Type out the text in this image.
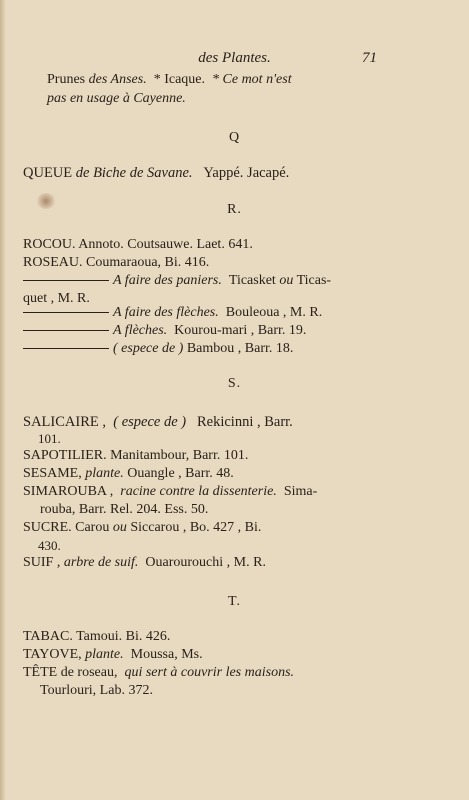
des Plantes.	71
Prunes des Anses. * Icaque. * Ce mot n'est
pas en usage à Cayenne.
Q
QUEUE de Biche de Savane. Yappé. Jacapé.
R.
ROCOU. Annoto. Coutsauwe. Laet. 641.
ROSEAU. Coumaraoua, Bi. 416.
A faire des paniers. Ticasket ou Ticas-
quet , M. R.
A faire des flèches. Bouleoua , M. R.
A flèches. Kourou-mari , Barr. 19.
( espece de ) Bambou , Barr. 18.
S.
SALICAIRE , ( espece de ) Rekicinni , Barr.
101.
SAPOTILIER. Manitambour, Barr. 101.
SESAME, plante. Ouangle , Barr. 48.
SIMAROUBA , racine contre la dissenterie. Sima-
rouba, Barr. Rel. 204. Ess. 50.
SUCRE. Carou ou Siccarou , Bo. 427 , Bi.
430.
SUIF , arbre de suif. Ouarourouchi , M. R.
T.
TABAC. Tamoui. Bi. 426.
TAYOVE, plante. Moussa, Ms.
TÊTE de roseau, qui sert à couvrir les maisons.
Tourlouri, Lab. 372.
